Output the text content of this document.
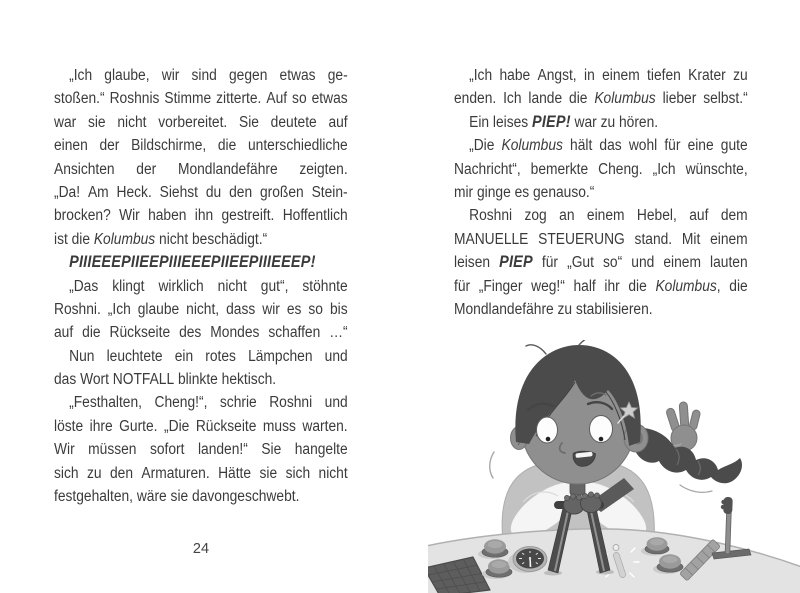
„Ich glaube, wir sind gegen etwas ge-
stoßen.“ Roshnis Stimme zitterte. Auf so etwas
war sie nicht vorbereitet. Sie deutete auf
einen der Bildschirme, die unterschiedliche
Ansichten der Mondlandefähre zeigten.
„Da! Am Heck. Siehst du den großen Stein-
brocken? Wir haben ihn gestreift. Hoffentlich
ist die Kolumbus nicht beschädigt.“
PIIIEEEPIIEEPIIIEEEPIIEEPIIIEEEP!
„Das klingt wirklich nicht gut“, stöhnte
Roshni. „Ich glaube nicht, dass wir es so bis
auf die Rückseite des Mondes schaffen …“
Nun leuchtete ein rotes Lämpchen und
das Wort NOTFALL blinkte hektisch.
„Festhalten, Cheng!“, schrie Roshni und
löste ihre Gurte. „Die Rückseite muss warten.
Wir müssen sofort landen!“ Sie hangelte
sich zu den Armaturen. Hätte sie sich nicht
festgehalten, wäre sie davongeschwebt.
24
„Ich habe Angst, in einem tiefen Krater zu
enden. Ich lande die Kolumbus lieber selbst.“
Ein leises PIEP! war zu hören.
„Die Kolumbus hält das wohl für eine gute
Nachricht“, bemerkte Cheng. „Ich wünschte,
mir ginge es genauso.“
Roshni zog an einem Hebel, auf dem
MANUELLE STEUERUNG stand. Mit einem
leisen PIEP für „Gut so“ und einem lauten
für „Finger weg!“ half ihr die Kolumbus, die
Mondlandefähre zu stabilisieren.
